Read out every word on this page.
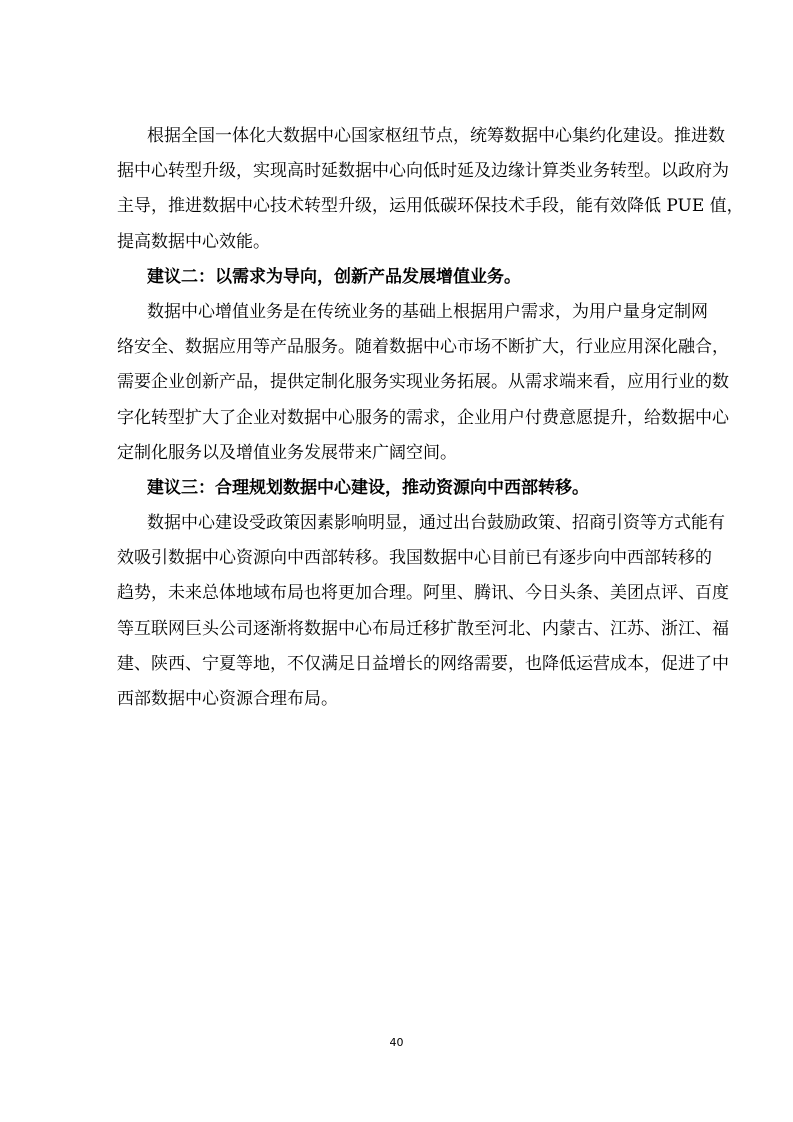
根据全国一体化大数据中心国家枢纽节点，统筹数据中心集约化建设。推进数
据中心转型升级，实现高时延数据中心向低时延及边缘计算类业务转型。以政府为
主导，推进数据中心技术转型升级，运用低碳环保技术手段，能有效降低 PUE 值，
提高数据中心效能。
建议二：以需求为导向，创新产品发展增值业务。
数据中心增值业务是在传统业务的基础上根据用户需求，为用户量身定制网
络安全、数据应用等产品服务。随着数据中心市场不断扩大，行业应用深化融合，
需要企业创新产品，提供定制化服务实现业务拓展。从需求端来看，应用行业的数
字化转型扩大了企业对数据中心服务的需求，企业用户付费意愿提升，给数据中心
定制化服务以及增值业务发展带来广阔空间。
建议三：合理规划数据中心建设，推动资源向中西部转移。
数据中心建设受政策因素影响明显，通过出台鼓励政策、招商引资等方式能有
效吸引数据中心资源向中西部转移。我国数据中心目前已有逐步向中西部转移的
趋势，未来总体地域布局也将更加合理。阿里、腾讯、今日头条、美团点评、百度
等互联网巨头公司逐渐将数据中心布局迁移扩散至河北、内蒙古、江苏、浙江、福
建、陕西、宁夏等地，不仅满足日益增长的网络需要，也降低运营成本，促进了中
西部数据中心资源合理布局。
40
